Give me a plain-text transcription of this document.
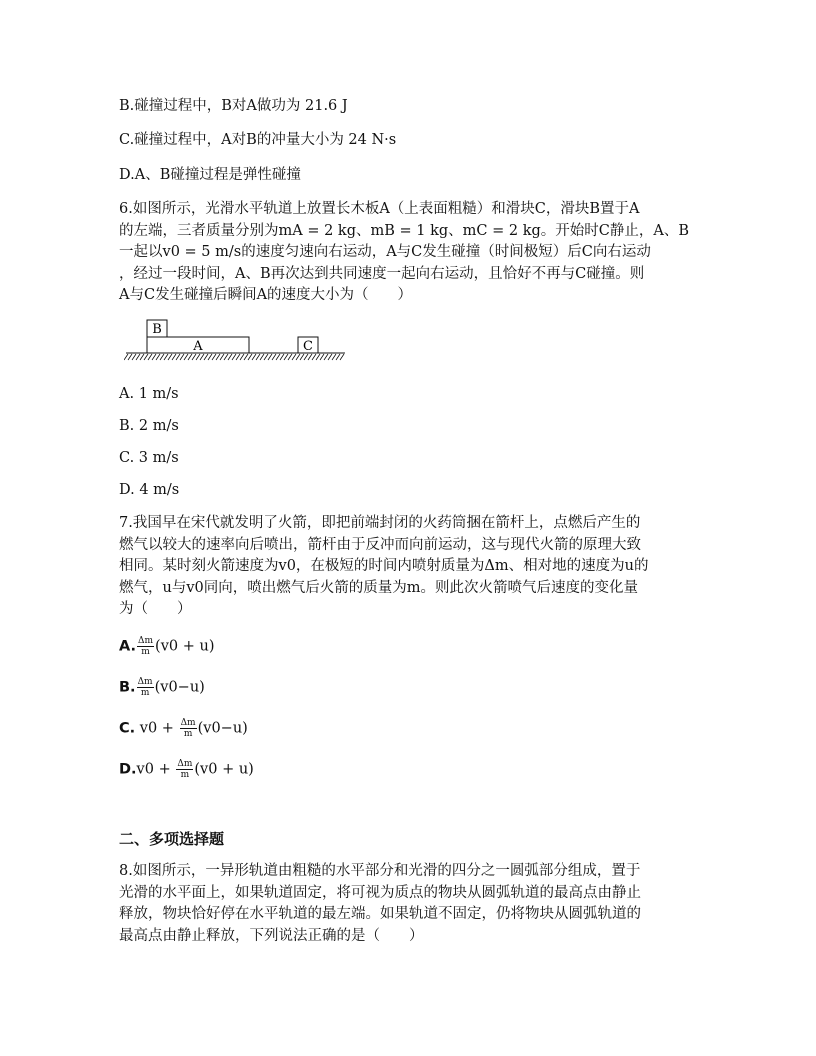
B.碰撞过程中，B对A做功为 21.6 J
C.碰撞过程中，A对B的冲量大小为 24 N·s
D.A、B碰撞过程是弹性碰撞

6.如图所示，光滑水平轨道上放置长木板A（上表面粗糙）和滑块C，滑块B置于A

的左端，三者质量分别为mA = 2 kg、mB = 1 kg、mC = 2 kg。开始时C静止，A、B

一起以v0 = 5 m/s的速度匀速向右运动，A与C发生碰撞（时间极短）后C向右运动

，经过一段时间，A、B再次达到共同速度一起向右运动，且恰好不再与C碰撞。则

A与C发生碰撞后瞬间A的速度大小为（　　）

B
A	C
A. 1 m/s
B. 2 m/s
C. 3 m/s
D. 4 m/s

7.我国早在宋代就发明了火箭，即把前端封闭的火药筒捆在箭杆上，点燃后产生的

燃气以较大的速率向后喷出，箭杆由于反冲而向前运动，这与现代火箭的原理大致

相同。某时刻火箭速度为v0，在极短的时间内喷射质量为Δm、相对地的速度为u的

燃气，u与v0同向，喷出燃气后火箭的质量为m。则此次火箭喷气后速度的变化量

为（　　）

A. $\frac{\Delta m}{m} (v0 + u)$
B. $\frac{\Delta m}{m} (v0-u)$
C. $v0 + \frac{\Delta m}{m} (v0-u)$
$D.v0 + \frac{\Delta m}{m} (v0 + u)$
二、多项选择题

8.如图所示，一异形轨道由粗糙的水平部分和光滑的四分之一圆弧部分组成，置于

光滑的水平面上，如果轨道固定，将可视为质点的物块从圆弧轨道的最高点由静止

释放，物块恰好停在水平轨道的最左端。如果轨道不固定，仍将物块从圆弧轨道的

最高点由静止释放，下列说法正确的是（　　）
